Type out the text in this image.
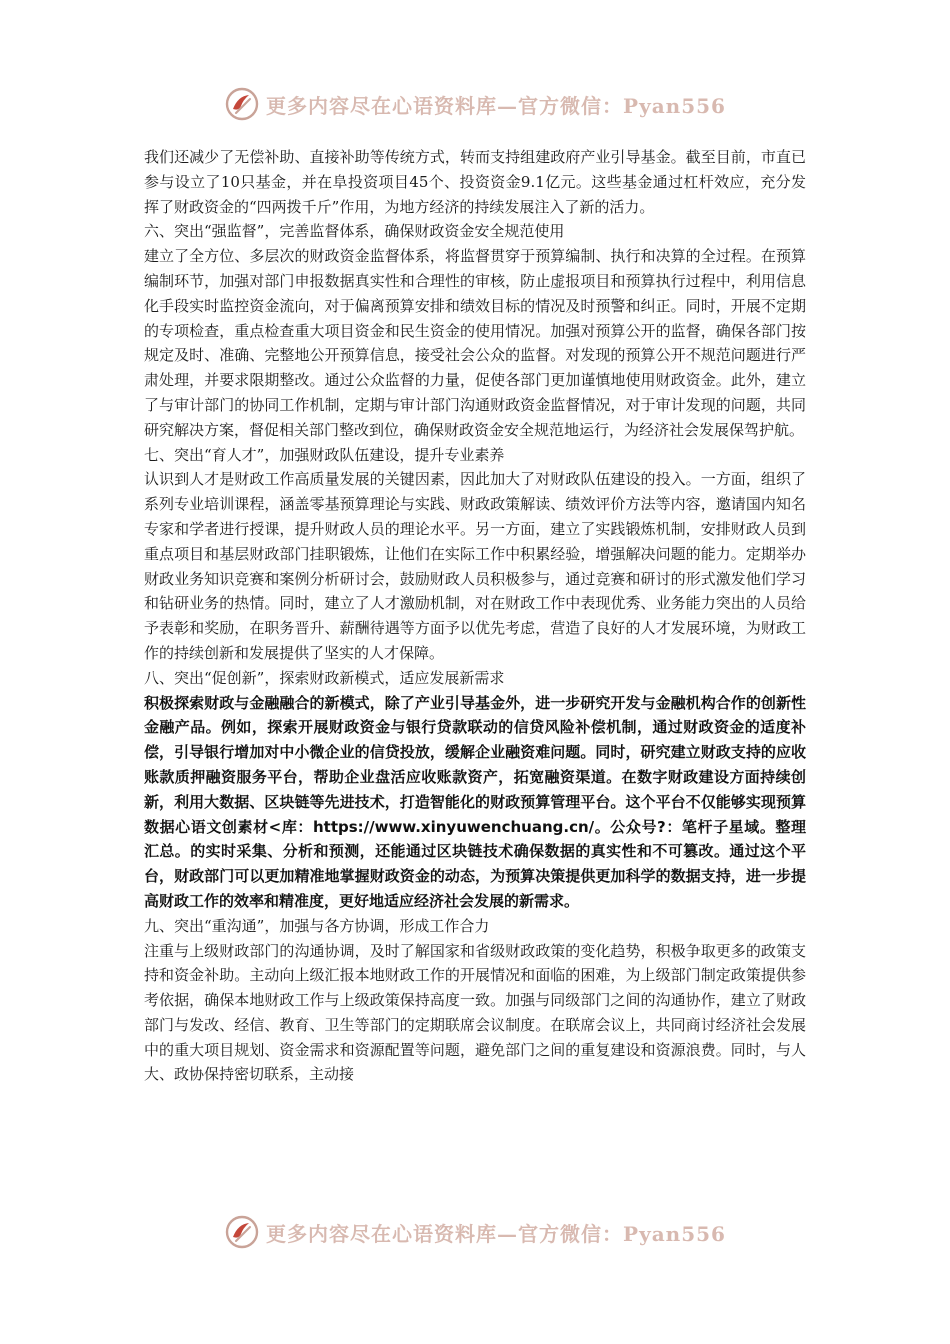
更多内容尽在心语资料库—官方微信：Pyan556

我们还减少了无偿补助、直接补助等传统方式，转而支持组建政府产业引导基金。截至目前，市直已参与设立了10只基金，并在阜投资项目45个、投资资金9.1亿元。这些基金通过杠杆效应，充分发挥了财政资金的“四两拨千斤”作用，为地方经济的持续发展注入了新的活力。

六、突出“强监督”，完善监督体系，确保财政资金安全规范使用

建立了全方位、多层次的财政资金监督体系，将监督贯穿于预算编制、执行和决算的全过程。在预算编制环节，加强对部门申报数据真实性和合理性的审核，防止虚报项目和预算执行过程中，利用信息化手段实时监控资金流向，对于偏离预算安排和绩效目标的情况及时预警和纠正。同时，开展不定期的专项检查，重点检查重大项目资金和民生资金的使用情况。加强对预算公开的监督，确保各部门按规定及时、准确、完整地公开预算信息，接受社会公众的监督。对发现的预算公开不规范问题进行严肃处理，并要求限期整改。通过公众监督的力量，促使各部门更加谨慎地使用财政资金。此外，建立了与审计部门的协同工作机制，定期与审计部门沟通财政资金监督情况，对于审计发现的问题，共同研究解决方案，督促相关部门整改到位，确保财政资金安全规范地运行，为经济社会发展保驾护航。

七、突出“育人才”，加强财政队伍建设，提升专业素养

认识到人才是财政工作高质量发展的关键因素，因此加大了对财政队伍建设的投入。一方面，组织了系列专业培训课程，涵盖零基预算理论与实践、财政政策解读、绩效评价方法等内容，邀请国内知名专家和学者进行授课，提升财政人员的理论水平。另一方面，建立了实践锻炼机制，安排财政人员到重点项目和基层财政部门挂职锻炼，让他们在实际工作中积累经验，增强解决问题的能力。定期举办财政业务知识竞赛和案例分析研讨会，鼓励财政人员积极参与，通过竞赛和研讨的形式激发他们学习和钻研业务的热情。同时，建立了人才激励机制，对在财政工作中表现优秀、业务能力突出的人员给予表彰和奖励，在职务晋升、薪酬待遇等方面予以优先考虑，营造了良好的人才发展环境，为财政工作的持续创新和发展提供了坚实的人才保障。

八、突出“促创新”，探索财政新模式，适应发展新需求

积极探索财政与金融融合的新模式，除了产业引导基金外，进一步研究开发与金融机构合作的创新性金融产品。例如，探索开展财政资金与银行贷款联动的信贷风险补偿机制，通过财政资金的适度补偿，引导银行增加对中小微企业的信贷投放，缓解企业融资难问题。同时，研究建立财政支持的应收账款质押融资服务平台，帮助企业盘活应收账款资产，拓宽融资渠道。在数字财政建设方面持续创新，利用大数据、区块链等先进技术，打造智能化的财政预算管理平台。这个平台不仅能够实现预算数据心语文创素材<库：https://www.xinyuwenchuang.cn/。公众号?：笔杆子星域。整理汇总。的实时采集、分析和预测，还能通过区块链技术确保数据的真实性和不可篡改。通过这个平台，财政部门可以更加精准地掌握财政资金的动态，为预算决策提供更加科学的数据支持，进一步提高财政工作的效率和精准度，更好地适应经济社会发展的新需求。

九、突出“重沟通”，加强与各方协调，形成工作合力

注重与上级财政部门的沟通协调，及时了解国家和省级财政政策的变化趋势，积极争取更多的政策支持和资金补助。主动向上级汇报本地财政工作的开展情况和面临的困难，为上级部门制定政策提供参考依据，确保本地财政工作与上级政策保持高度一致。加强与同级部门之间的沟通协作，建立了财政部门与发改、经信、教育、卫生等部门的定期联席会议制度。在联席会议上，共同商讨经济社会发展中的重大项目规划、资金需求和资源配置等问题，避免部门之间的重复建设和资源浪费。同时，与人大、政协保持密切联系，主动接

更多内容尽在心语资料库—官方微信：Pyan556
